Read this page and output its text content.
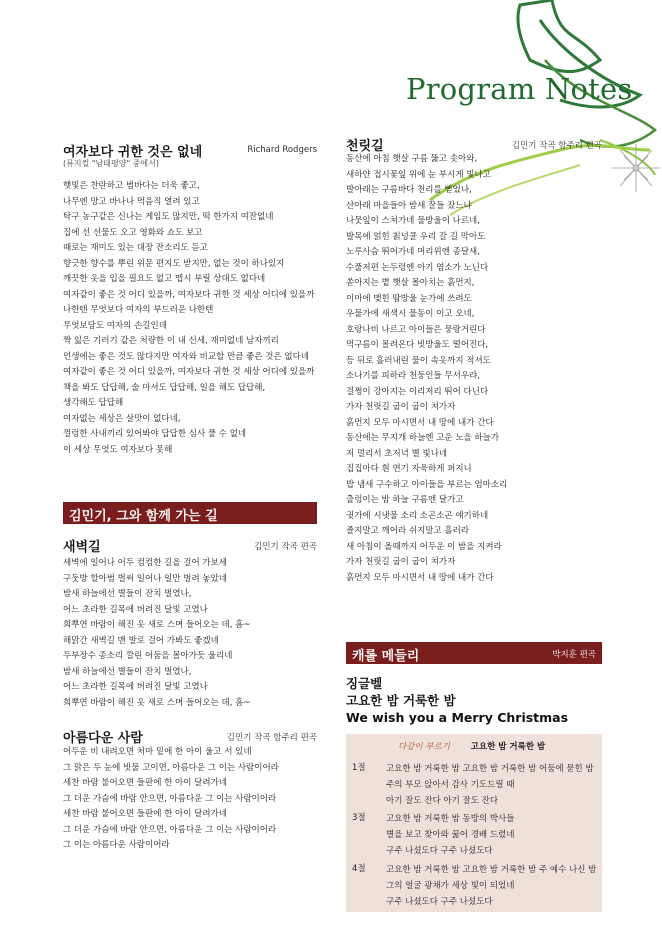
Program Notes
여자보다 귀한 것은 없네	Richard Rodgers
(뮤지컬 "남태평양" 중에서)
햇빛은 찬란하고 범바다는 더욱 좋고,
나무엔 망고 바나나 먹음직 열려 있고
탁구 농구같은 신나는 게임도 많지만, 떡 한가지 여잔없네
집에 선 선물도 오고 영화와 쇼도 보고
때로는 재미도 있는 대장 잔소리도 듣고
향긋한 향수를 뿌린 위문 편지도 받지만, 없는 것이 하나있지
깨끗한 옷을 입을 필요도 없고 멥시 부릴 상대도 없다네
여자같이 좋은 것 어디 있을까, 여자보다 귀한 것 세상 어디에 있을까
나한텐 무엇보다 여자의 부드러운 나한텐
무엇보담도 여자의 손길인데
짝 잃은 기러기 같은 처량한 이 내 신세, 재미없네 남자끼리
인생에는 좋은 것도 많다지만 여자와 비교할 만큼 좋은 것은 없다네
여자같이 좋은 것 어디 있을까, 여자보다 귀한 것 세상 어디에 있을까
책을 봐도 답답해, 술 마셔도 답답해, 일을 해도 답답해,
생각해도 답답해
여자없는 세상은 살맛이 없다네,
껄렁한 사내끼리 있어봐야 답답한 심사 풀 수 없네
이 세상 무엇도 여자보다 못해
김민기, 그와 함께 가는 길
새벽길	김민기 작곡 편곡
새벽에 일어나 어두 컴컴한 길을 걸어 가보세
구둣방 할아범 벌써 일어나 일만 벌려 놓았네
밤새 하늘에선 별들이 잔치 벌였나,
어느 초라한 길목에 버려진 달빛 고였나
희뿌연 바람이 해진 옷 새로 스며 들어오는 데, 흠~
해맑간 새벽길 맨 발로 걸어 가봐도 좋겠네
두부장수 종소리 깔린 어둠을 몰아가듯 울리네
밤새 하늘에선 별들이 잔치 벌였나,
어느 초라한 길목에 버려진 달빛 고였나
희뿌연 바람이 해진 옷 새로 스며 들어오는 데, 흠~
아름다운 사람	김민기 작곡 함주리 편곡
어두운 비 내려오면 처마 밑에 한 아이 울고 서 있네
그 맑은 두 눈에 빗물 고이면, 아름다운 그 이는 사람이어라
세찬 바람 불어오면 들판에 한 아이 달려가네
그 더운 가슴에 바람 안으면, 아름다운 그 이는 사람이어라
세찬 바람 불어오면 들판에 한 아이 달려가네
그 더운 가슴에 바람 안으면, 아름다운 그 이는 사람이어라
그 이는 아름다운 사람이어라
천릿길	김민기 작곡 함주리 편곡
동산에 아침 햇살 구름 뚫고 솟아와,
새하얀 접시꽃잎 위에 눈 부시게 빛나고
발아래는 구름바다 천리를 뻗었나,
산아래 마을들아 밤새 잘들 잤느냐
나뭇잎이 스쳐가네 물방울이 나르네,
발목에 얽힌 칡넝쿨 우리 갈 길 막아도
노루사슴 뛰어가네 머리위엔 종달새,
수풀저편 논두렁엔 아기 염소가 노닌다
쏟아지는 볕 햇살 몰아치는 흙먼지,
이마에 맺힌 땀방울 눈가에 쓰려도
우물가에 새색시 물동이 이고 오네,
호랑나비 나르고 아이들은 뭉랑거린다
먹구름이 몰려온다 빗방울도 떨어진다,
등 뒤로 흘러내린 물이 속옷까지 적셔도
소나기를 피하라 천둥인들 무서우랴,
걸쩡이 강아지는 이리저리 뛰어 다닌다
가자 천릿길 굽이 굽이 쳐가자
흙먼지 모두 마시면서 내 땅에 내가 간다
동산에는 무지개 하늘엔 고운 노을 하늘가
저 멀리서 초저녁 별 빛나네
집집마다 흰 연기 자욱하게 퍼지니
밥 냄새 구수하고 아이들을 부르는 엄마소리
출렁이는 밤 하늘 구름엔 달가고
귓가에 시냇물 소리 소곤소곤 얘기하네
졸지말고 깨어라 쉬지말고 흘러라
새 아침이 올때까지 어두운 이 밤을 지켜라
가자 천릿길 굽이 굽이 쳐가자
흙먼지 모두 마시면서 내 땅에 내가 간다
캐롤 메들리	박지훈 편곡
징글벨
고요한 밤 거룩한 밤
We wish you a Merry Christmas
다같이 부르기 고요한 밤 거룩한 밤
1절 고요한 밤 거룩한 밤 고요한 밤 거룩한 밤 어둠에 묻힌 밤
주의 부모 앉아서 감사 기도드릴 때
아기 잘도 잔다 아기 잘도 잔다
3절 고요한 밤 거룩한 밤 동방의 박사들
별을 보고 찾아와 꿇어 경배 드렸네
구주 나셨도다 구주 나셨도다
4절 고요한 밤 거룩한 밤 고요한 밤 거룩한 밤 주 예수 나신 밤
그의 얼굴 광채가 세상 빛이 되었네
구주 나셨도다 구주 나셨도다
